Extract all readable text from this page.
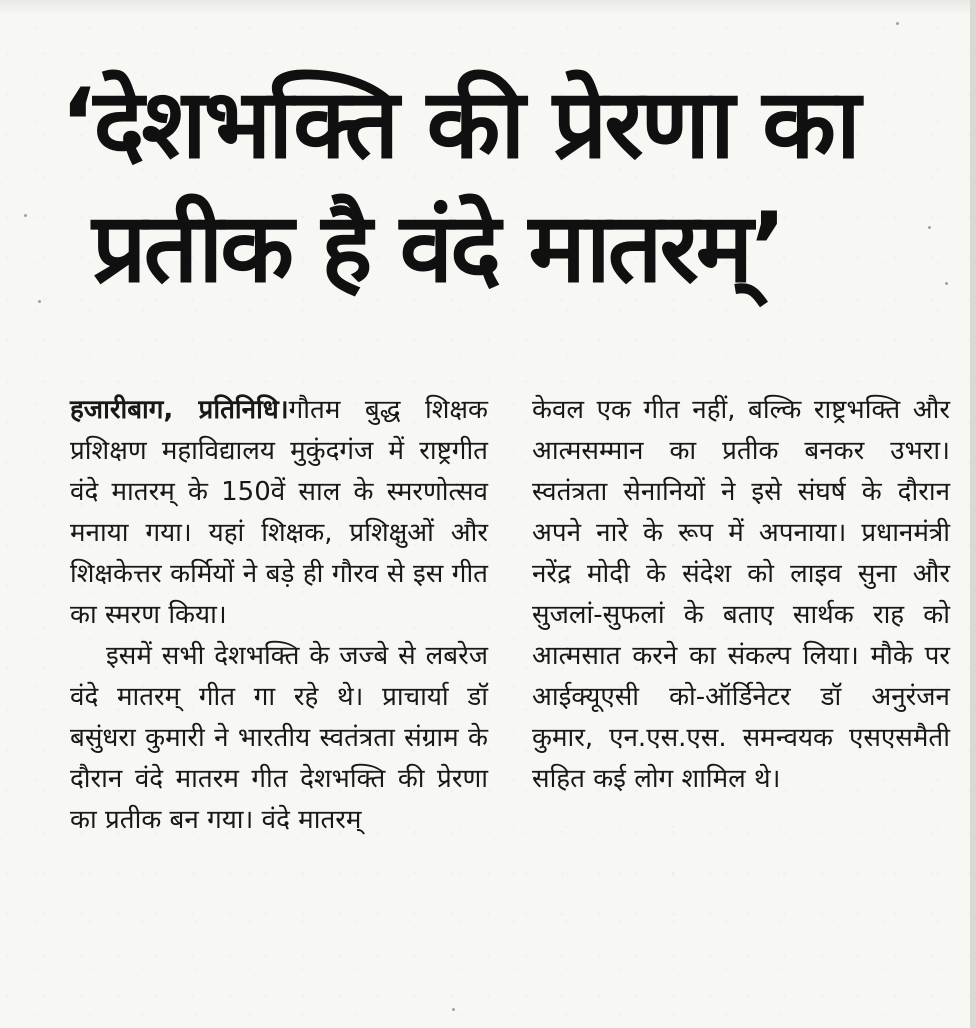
‘देशभक्ति की प्रेरणा का
प्रतीक है वंदे मातरम्’

हजारीबाग, प्रतिनिधि।गौतम बुद्ध शिक्षक प्रशिक्षण महाविद्यालय मुकुंदगंज में राष्ट्रगीत वंदे मातरम् के 150वें साल के स्मरणोत्सव मनाया गया। यहां शिक्षक, प्रशिक्षुओं और शिक्षकेत्तर कर्मियों ने बड़े ही गौरव से इस गीत का स्मरण किया।

इसमें सभी देशभक्ति के जज्बे से लबरेज वंदे मातरम् गीत गा रहे थे। प्राचार्या डॉ बसुंधरा कुमारी ने भारतीय स्वतंत्रता संग्राम के दौरान वंदे मातरम गीत देशभक्ति की प्रेरणा का प्रतीक बन गया। वंदे मातरम्

केवल एक गीत नहीं, बल्कि राष्ट्रभक्ति और आत्मसम्मान का प्रतीक बनकर उभरा। स्वतंत्रता सेनानियों ने इसे संघर्ष के दौरान अपने नारे के रूप में अपनाया। प्रधानमंत्री नरेंद्र मोदी के संदेश को लाइव सुना और सुजलां-सुफलां के बताए सार्थक राह को आत्मसात करने का संकल्प लिया। मौके पर आईक्यूएसी को-ऑर्डिनेटर डॉ अनुरंजन कुमार, एन.एस.एस. समन्वयक एसएसमैती सहित कई लोग शामिल थे।
